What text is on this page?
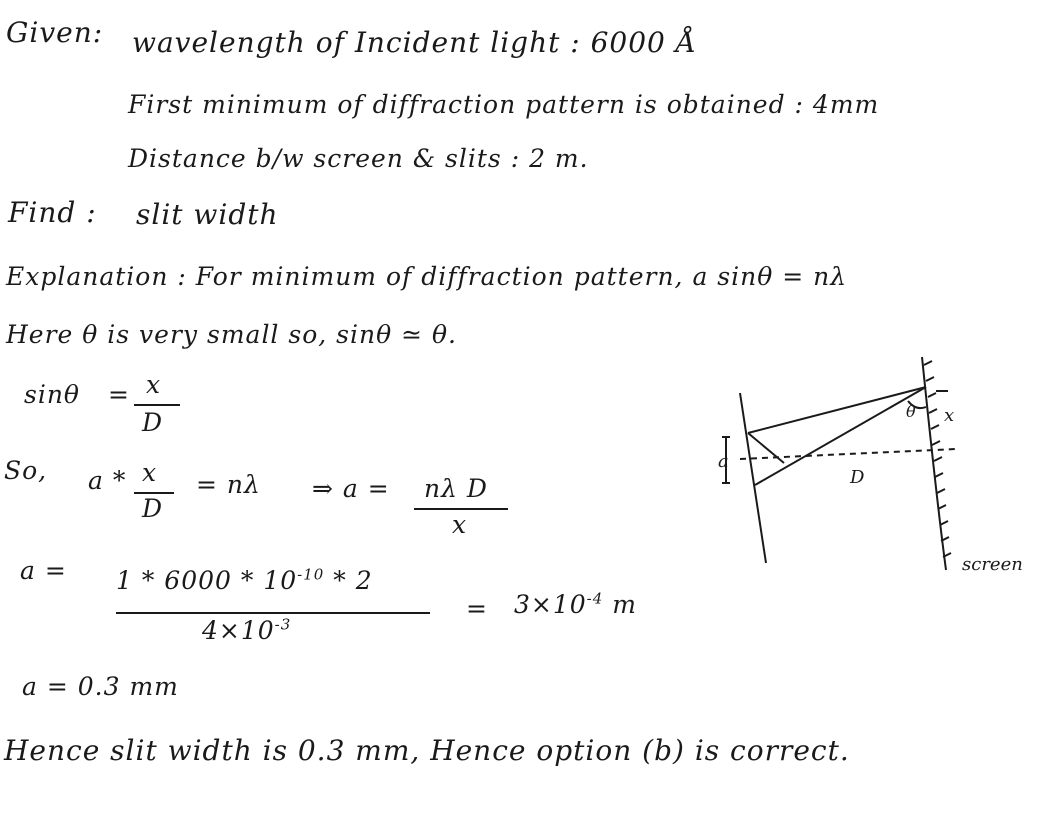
Given: wavelength of Incident light : 6000 Å
First minimum of diffraction pattern is obtained : 4mm
Distance b/w screen & slits : 2 m.
Find : slit width
Explanation : For minimum of diffraction pattern, a sinθ = nλ
Here θ is very small so, sinθ ≃ θ.
sinθ = x
D
So, a * x
D
= nλ ⇒ a = nλ D
x
$a = 1 * 6000 * 10^{-10} * 2$
$4\times 10^{-3}$
= $3\times 10^{-4}$ m
a = 0.3 mm
Hence slit width is 0.3 mm, Hence option (b) is correct.
a
θ x
D
screen
